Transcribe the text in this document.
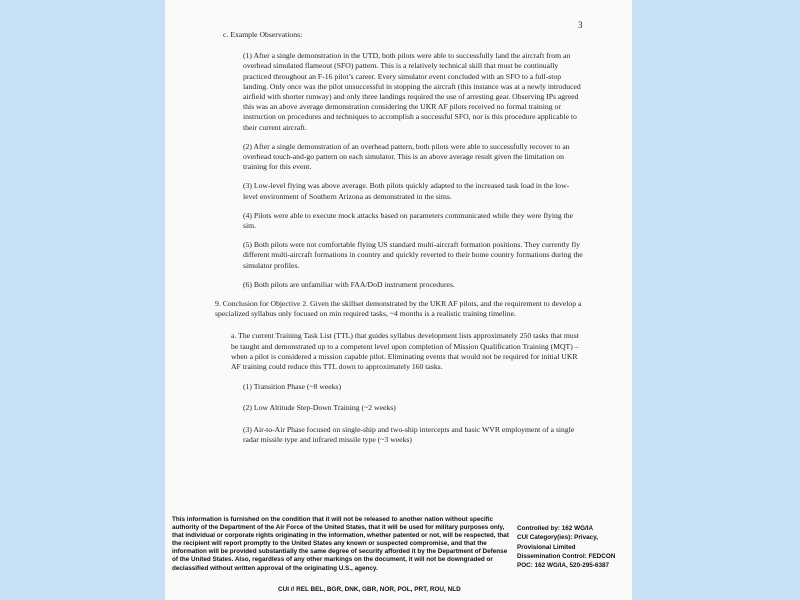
3

c. Example Observations:

(1) After a single demonstration in the UTD, both pilots were able to successfully land the aircraft from an overhead simulated flameout (SFO) pattern. This is a relatively technical skill that must be continually practiced throughout an F-16 pilot’s career. Every simulator event concluded with an SFO to a full-stop landing. Only once was the pilot unsuccessful in stopping the aircraft (this instance was at a newly introduced airfield with shorter runway) and only three landings required the use of arresting gear. Observing IPs agreed this was an above average demonstration considering the UKR AF pilots received no formal training or instruction on procedures and techniques to accomplish a successful SFO, nor is this procedure applicable to their current aircraft.

(2) After a single demonstration of an overhead pattern, both pilots were able to successfully recover to an overhead touch-and-go pattern on each simulator. This is an above average result given the limitation on training for this event.

(3) Low-level flying was above average. Both pilots quickly adapted to the increased task load in the low-level environment of Southern Arizona as demonstrated in the sims.

(4) Pilots were able to execute mock attacks based on parameters communicated while they were flying the sim.

(5) Both pilots were not comfortable flying US standard multi-aircraft formation positions. They currently fly different multi-aircraft formations in country and quickly reverted to their home country formations during the simulator profiles.

(6) Both pilots are unfamiliar with FAA/DoD instrument procedures.

9. Conclusion for Objective 2. Given the skillset demonstrated by the UKR AF pilots, and the requirement to develop a specialized syllabus only focused on min required tasks, ~4 months is a realistic training timeline.

a. The current Training Task List (TTL) that guides syllabus development lists approximately 250 tasks that must be taught and demonstrated up to a competent level upon completion of Mission Qualification Training (MQT) – when a pilot is considered a mission capable pilot. Eliminating events that would not be required for initial UKR AF training could reduce this TTL down to approximately 160 tasks.

(1) Transition Phase (~8 weeks)

(2) Low Altitude Step-Down Training (~2 weeks)

(3) Air-to-Air Phase focused on single-ship and two-ship intercepts and basic WVR employment of a single radar missile type and infrared missile type (~3 weeks)

This information is furnished on the condition that it will not be released to another nation without specific authority of the Department of the Air Force of the United States, that it will be used for military purposes only, that individual or corporate rights originating in the information, whether patented or not, will be respected, that the recipient will report promptly to the United States any known or suspected compromise, and that the information will be provided substantially the same degree of security afforded it by the Department of Defense of the United States. Also, regardless of any other markings on the document, it will not be downgraded or declassified without written approval of the originating U.S., agency.
Controlled by: 162 WG/IA
CUI Category(ies): Privacy, Provisional Limited
Dissemination Control: FEDCON
POC: 162 WG/IA, 520-295-6387
CUI // REL BEL, BGR, DNK, GBR, NOR, POL, PRT, ROU, NLD
